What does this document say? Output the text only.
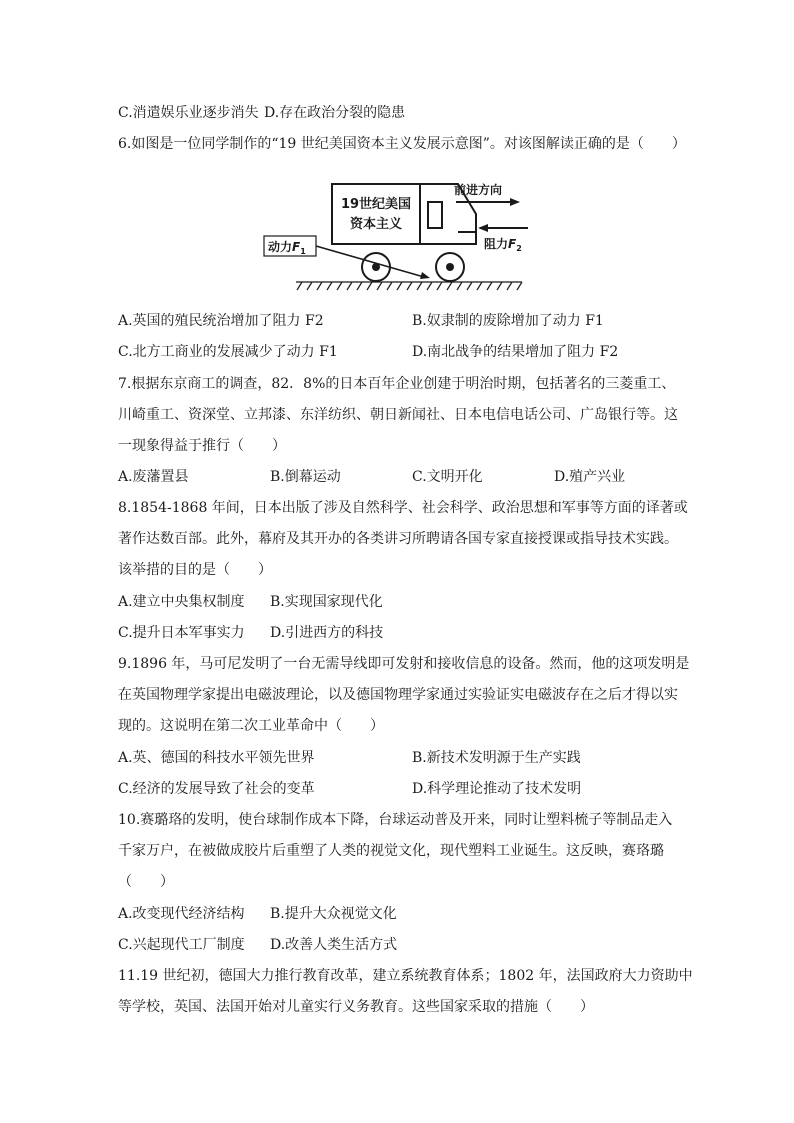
C.消遣娱乐业逐步消失 D.存在政治分裂的隐患
6.如图是一位同学制作的“19 世纪美国资本主义发展示意图”。对该图解读正确的是（　　）
19世纪美国
资本主义
前进方向
阻力$F_2$
动力$F_1$
A.英国的殖民统治增加了阻力 F2	B.奴隶制的废除增加了动力 F1
C.北方工商业的发展减少了动力 F1	D.南北战争的结果增加了阻力 F2
7.根据东京商工的调查，82．8%的日本百年企业创建于明治时期，包括著名的三菱重工、
川崎重工、资深堂、立邦漆、东洋纺织、朝日新闻社、日本电信电话公司、广岛银行等。这
一现象得益于推行（　　）
A.废藩置县	B.倒幕运动	C.文明开化	D.殖产兴业
8.1854-1868 年间，日本出版了涉及自然科学、社会科学、政治思想和军事等方面的译著或
著作达数百部。此外，幕府及其开办的各类讲习所聘请各国专家直接授课或指导技术实践。
该举措的目的是（　　）
A.建立中央集权制度 B.实现国家现代化
C.提升日本军事实力 D.引进西方的科技
9.1896 年，马可尼发明了一台无需导线即可发射和接收信息的设备。然而，他的这项发明是
在英国物理学家提出电磁波理论，以及德国物理学家通过实验证实电磁波存在之后才得以实
现的。这说明在第二次工业革命中（　　）
A.英、德国的科技水平领先世界	B.新技术发明源于生产实践
C.经济的发展导致了社会的变革	D.科学理论推动了技术发明
10.赛璐珞的发明，使台球制作成本下降，台球运动普及开来，同时让塑料梳子等制品走入
千家万户，在被做成胶片后重塑了人类的视觉文化，现代塑料工业诞生。这反映，赛珞璐
（　　）
A.改变现代经济结构 B.提升大众视觉文化
C.兴起现代工厂制度 D.改善人类生活方式
11.19 世纪初，德国大力推行教育改革，建立系统教育体系；1802 年，法国政府大力资助中
等学校，英国、法国开始对儿童实行义务教育。这些国家采取的措施（　　）
